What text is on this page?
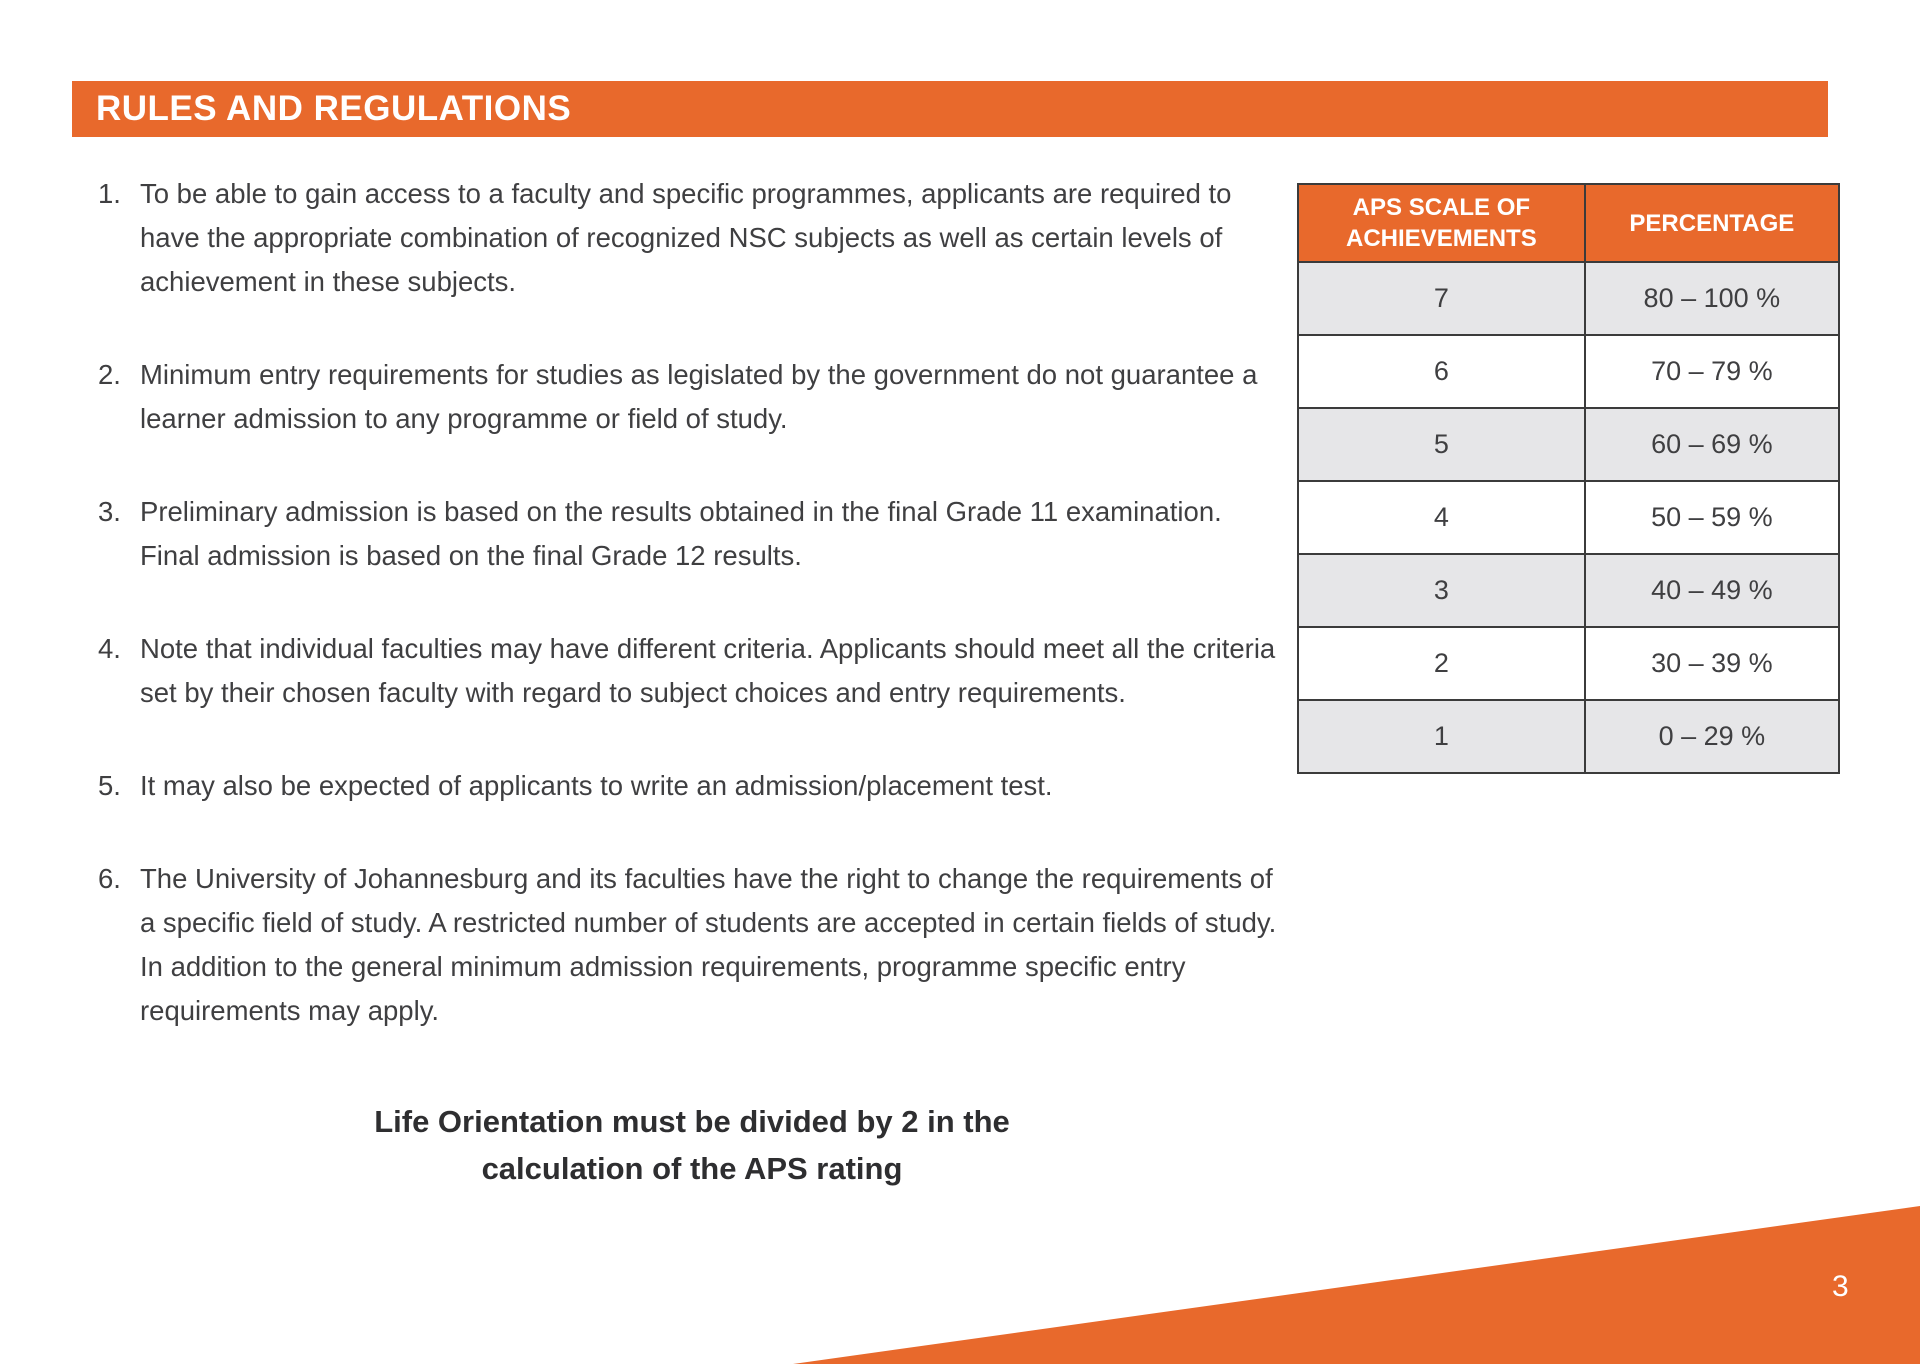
RULES AND REGULATIONS
1. To be able to gain access to a faculty and specific programmes, applicants are required to have the appropriate combination of recognized NSC subjects as well as certain levels of achievement in these subjects.
2. Minimum entry requirements for studies as legislated by the government do not guarantee a learner admission to any programme or field of study.
3. Preliminary admission is based on the results obtained in the final Grade 11 examination. Final admission is based on the final Grade 12 results.
4. Note that individual faculties may have different criteria. Applicants should meet all the criteria set by their chosen faculty with regard to subject choices and entry requirements.
5. It may also be expected of applicants to write an admission/placement test.
6. The University of Johannesburg and its faculties have the right to change the requirements of a specific field of study. A restricted number of students are accepted in certain fields of study. In addition to the general minimum admission requirements, programme specific entry requirements may apply.
Life Orientation must be divided by 2 in the
calculation of the APS rating
APS SCALE OF ACHIEVEMENTS	PERCENTAGE
7	80 – 100 %
6	70 – 79 %
5	60 – 69 %
4	50 – 59 %
3	40 – 49 %
2	30 – 39 %
1	0 – 29 %
3
